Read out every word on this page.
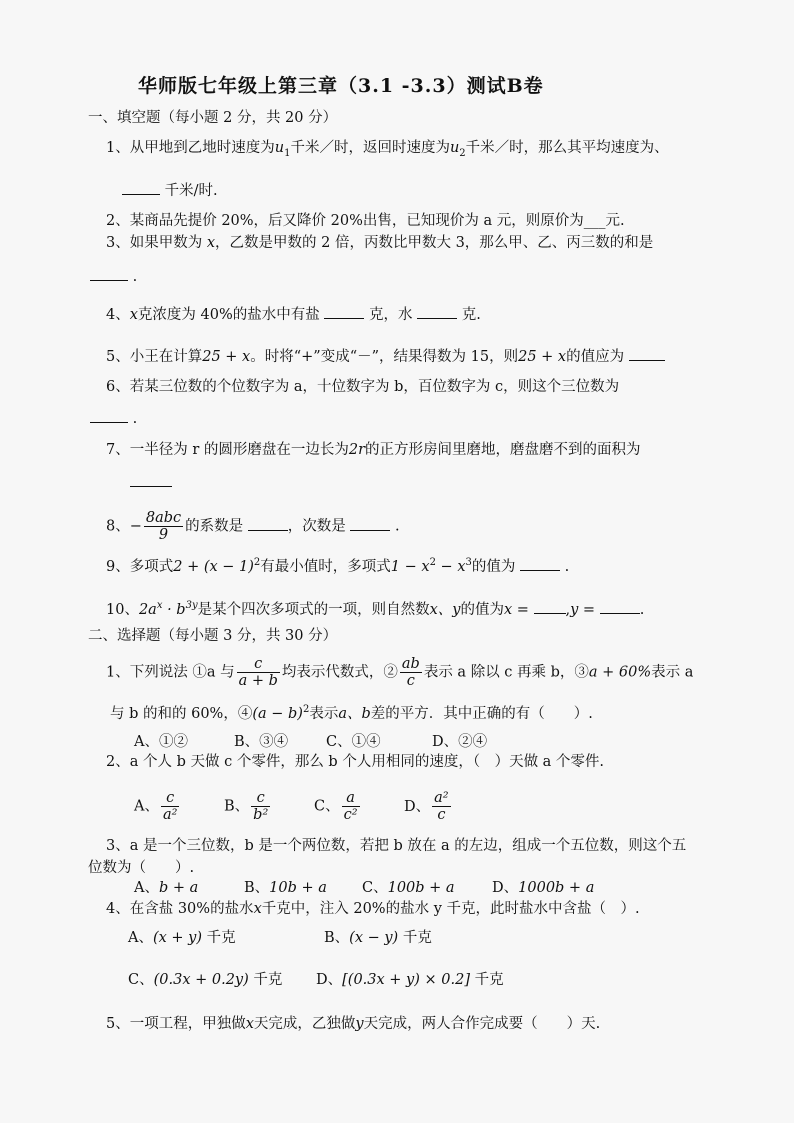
华师版七年级上第三章（3.1 -3.3）测试B卷
一、填空题（每小题 2 分，共 20 分）
1、从甲地到乙地时速度为$u_1$千米／时，返回时速度为$u_2$千米／时，那么其平均速度为、
千米/时.
2、某商品先提价 20%，后又降价 20%出售，已知现价为 a 元，则原价为___元.
3、如果甲数为 x，乙数是甲数的 2 倍，丙数比甲数大 3，那么甲、乙、丙三数的和是
.
4、x克浓度为 40%的盐水中有盐	克，水	克.
5、小王在计算25 + x。时将“+”变成“－”，结果得数为 15，则25 + x的值应为
6、若某三位数的个位数字为 a，十位数字为 b，百位数字为 c，则这个三位数为
.
7、一半径为 r 的圆形磨盘在一边长为2r的正方形房间里磨地，磨盘磨不到的面积为
8、− $\frac{\text{8abc}}{9}$ 的系数是	，次数是	.
9、多项式$2 + (x - 1)^2$有最小值时，多项式$1 - x^2 - x^3$的值为	.
10、$2a^x \cdot b^{3y}$是某个四次多项式的一项，则自然数x、y的值为x =	,y =	.
二、选择题（每小题 3 分，共 30 分）
1、下列说法 ①a 与 $\frac{c}{a + b}$ 均表示代数式，② $\frac{ab}{c}$ 表示 a 除以 c 再乘 b，③a + 60%表示 a
与 b 的和的 60%，④(a − b)$^2$表示a、b差的平方．其中正确的有（　　）.
A、①②	B、③④	C、①④	D、②④
2、a 个人 b 天做 c 个零件，那么 b 个人用相同的速度，（　）天做 a 个零件.
A、 $\frac{c}{\text{a²}}$	B、 $\frac{c}{\text{b²}}$	C、 $\frac{a}{\text{c²}}$	D、 $\frac{\text{a²}}{c}$
3、a 是一个三位数，b 是一个两位数，若把 b 放在 a 的左边，组成一个五位数，则这个五
位数为（　　）.
A、b + a	B、10b + a C、100b + a	D、1000b + a
4、在含盐 30%的盐水x千克中，注入 20%的盐水 y 千克，此时盐水中含盐（　）.
A、(x + y) 千克	B、(x − y) 千克
C、(0.3x + 0.2y) 千克 D、[(0.3x + y) × 0.2] 千克
5、一项工程，甲独做x天完成，乙独做y天完成，两人合作完成要（　　）天.
